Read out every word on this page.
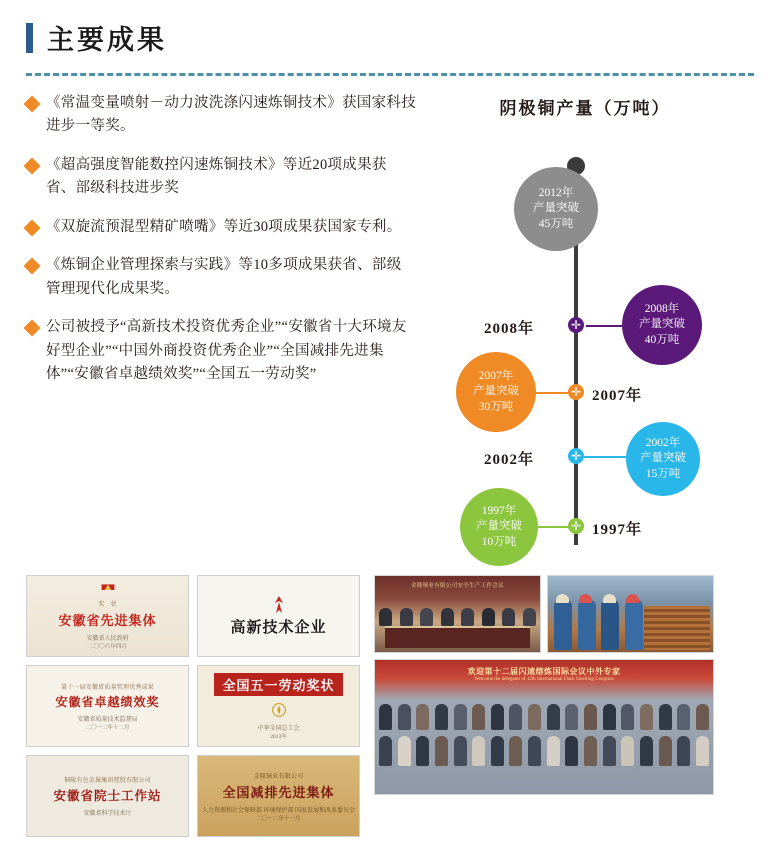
主要成果
《常温变量喷射－动力波洗涤闪速炼铜技术》获国家科技进步一等奖。
《超高强度智能数控闪速炼铜技术》等近20项成果获省、部级科技进步奖
《双旋流预混型精矿喷嘴》等近30项成果获国家专利。
《炼铜企业管理探索与实践》等10多项成果获省、部级管理现代化成果奖。
公司被授予“高新技术投资优秀企业”“安徽省十大环境友好型企业”“中国外商投资优秀企业”“全国减排先进集体”“安徽省卓越绩效奖”“全国五一劳动奖”
阴极铜产量（万吨）
2012年
产量突破
45万吨
✛
2008年
2008年
产量突破
40万吨
✛ 2007年
2007年
产量突破
30万吨
✛
2002年
2002年
产量突破
15万吨
✛ 1997年
1997年
产量突破
10万吨
奖　状
安徽省先进集体
安徽省人民政府
二〇〇六年四月
高新技术企业
第十一届安徽省质量管理优秀成果
安徽省卓越绩效奖
安徽省质量技术监督局
二〇一二年十二月
全国五一劳动奖状
中华全国总工会
2013年
铜陵有色金属集团控股有限公司
安徽省院士工作站
安徽省科学技术厅
金隆铜业有限公司
全国减排先进集体
人力资源和社会保障部 环境保护部 国家发展和改革委员会
二〇一二年十一月
金隆铜业有限公司安全生产工作会议
欢迎第十二届闪速熔炼国际会议中外专家
Welcome the delegates of 12th International Flash Smelting Congress
